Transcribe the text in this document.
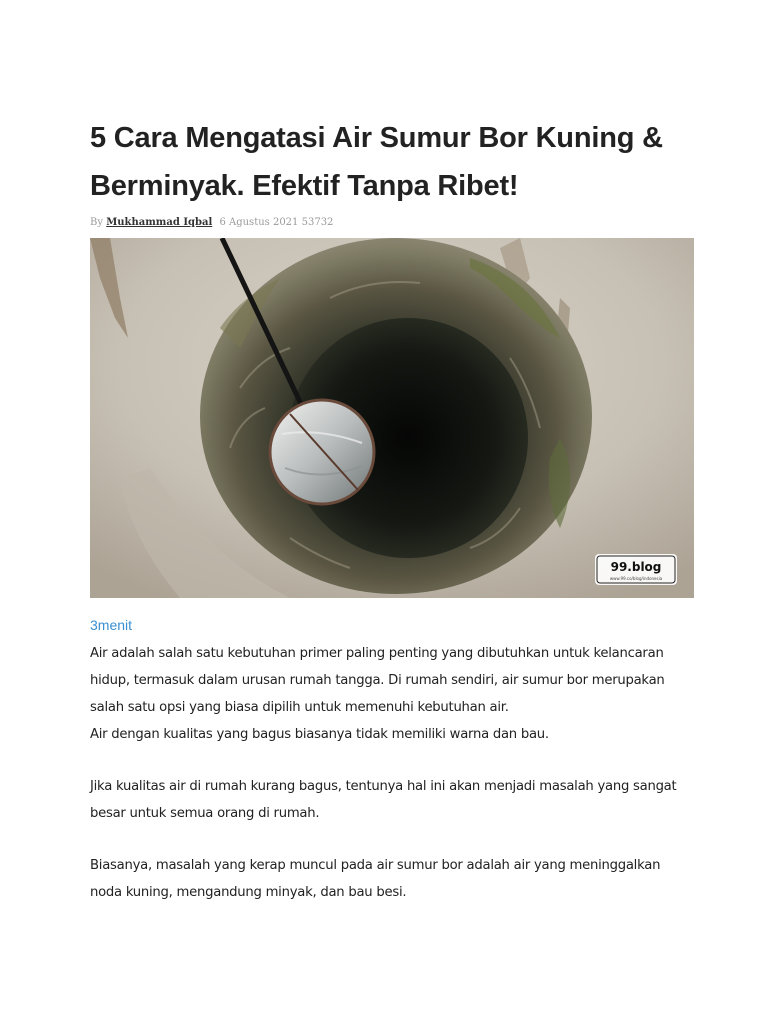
5 Cara Mengatasi Air Sumur Bor Kuning &
Berminyak. Efektif Tanpa Ribet!
By Mukhammad Iqbal 6 Agustus 2021 53732
99.blog
www.99.co/blog/indonesia
3menit

Air adalah salah satu kebutuhan primer paling penting yang dibutuhkan untuk kelancaran
hidup, termasuk dalam urusan rumah tangga. Di rumah sendiri, air sumur bor merupakan
salah satu opsi yang biasa dipilih untuk memenuhi kebutuhan air.
Air dengan kualitas yang bagus biasanya tidak memiliki warna dan bau.

Jika kualitas air di rumah kurang bagus, tentunya hal ini akan menjadi masalah yang sangat
besar untuk semua orang di rumah.

Biasanya, masalah yang kerap muncul pada air sumur bor adalah air yang meninggalkan
noda kuning, mengandung minyak, dan bau besi.
